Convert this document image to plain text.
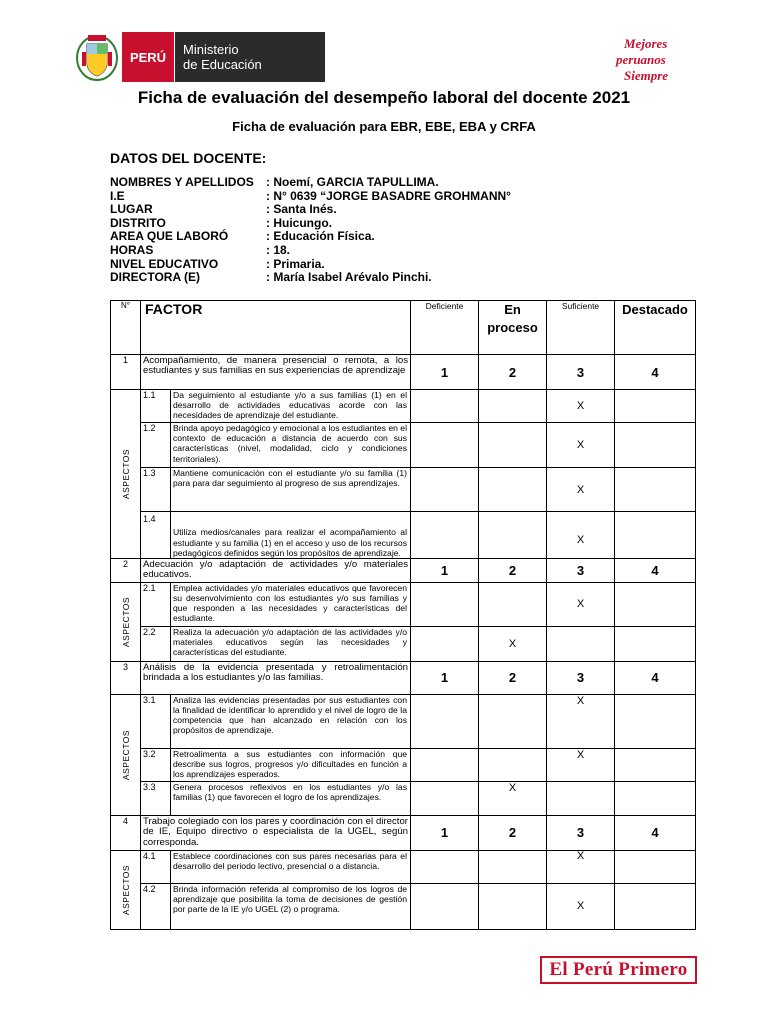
PERÚ	Ministerio
de Educación
Mejores
peruanos
Siempre
Ficha de evaluación del desempeño laboral del docente 2021
Ficha de evaluación para EBR, EBE, EBA y CRFA
DATOS DEL DOCENTE:
NOMBRES Y APELLIDOS	: Noemí, GARCIA TAPULLIMA.
I.E	: N° 0639 “JORGE BASADRE GROHMANN°
LUGAR	: Santa Inés.
DISTRITO	: Huicungo.
AREA QUE LABORÓ	: Educación Física.
HORAS	: 18.
NIVEL EDUCATIVO	: Primaria.
DIRECTORA (E)	: María Isabel Arévalo Pinchi.
N°	FACTOR		Deficiente	En proceso	Suficiente	Destacado
1	Acompañamiento, de manera presencial o remota, a los estudiantes y sus familias en sus experiencias de aprendizaje		1	2	3	4

ASPECTOS	1.1	Da seguimiento al estudiante y/o a sus familias (1) en el desarrollo de actividades educativas acorde con las necesidades de aprendizaje del estudiante.			X	
	1.2	Brinda apoyo pedagógico y emocional a los estudiantes en el contexto de educación a distancia de acuerdo con sus características (nivel, modalidad, ciclo y condiciones territoriales).			X	
	1.3	Mantiene comunicación con el estudiante y/o su familia (1) para para dar seguimiento al progreso de sus aprendizajes.			X	
	1.4	Utiliza medios/canales para realizar el acompañamiento al estudiante y su familia (1) en el acceso y uso de los recursos pedagógicos definidos según los propósitos de aprendizaje.			X	
2	Adecuación y/o adaptación de actividades y/o materiales educativos.		1	2	3	4

ASPECTOS	2.1	Emplea actividades y/o materiales educativos que favorecen su desenvolvimiento con los estudiantes y/o sus familias y que responden a las necesidades y características del estudiante.			X	
	2.2	Realiza la adecuación y/o adaptación de las actividades y/o materiales educativos según las necesidades y características del estudiante.		X		
3	Análisis de la evidencia presentada y retroalimentación brindada a los estudiantes y/o las familias.		1	2	3	4

ASPECTOS	3.1	Analiza las evidencias presentadas por sus estudiantes con la finalidad de identificar lo aprendido y el nivel de logro de la competencia que han alcanzado en relación con los propósitos de aprendizaje.			X	
	3.2	Retroalimenta a sus estudiantes con información que describe sus logros, progresos y/o dificultades en función a los aprendizajes esperados.			X	
	3.3	Genera procesos reflexivos en los estudiantes y/o las familias (1) que favorecen el logro de los aprendizajes.		X		
4	Trabajo colegiado con los pares y coordinación con el director de IE, Equipo directivo o especialista de la UGEL, según corresponda.		1	2	3	4

ASPECTOS	4.1	Establece coordinaciones con sus pares necesarias para el desarrollo del periodo lectivo, presencial o a distancia.			X	
	4.2	Brinda información referida al compromiso de los logros de aprendizaje que posibilita la toma de decisiones de gestión por parte de la IE y/o UGEL (2) o programa.			X	
El Perú Primero
